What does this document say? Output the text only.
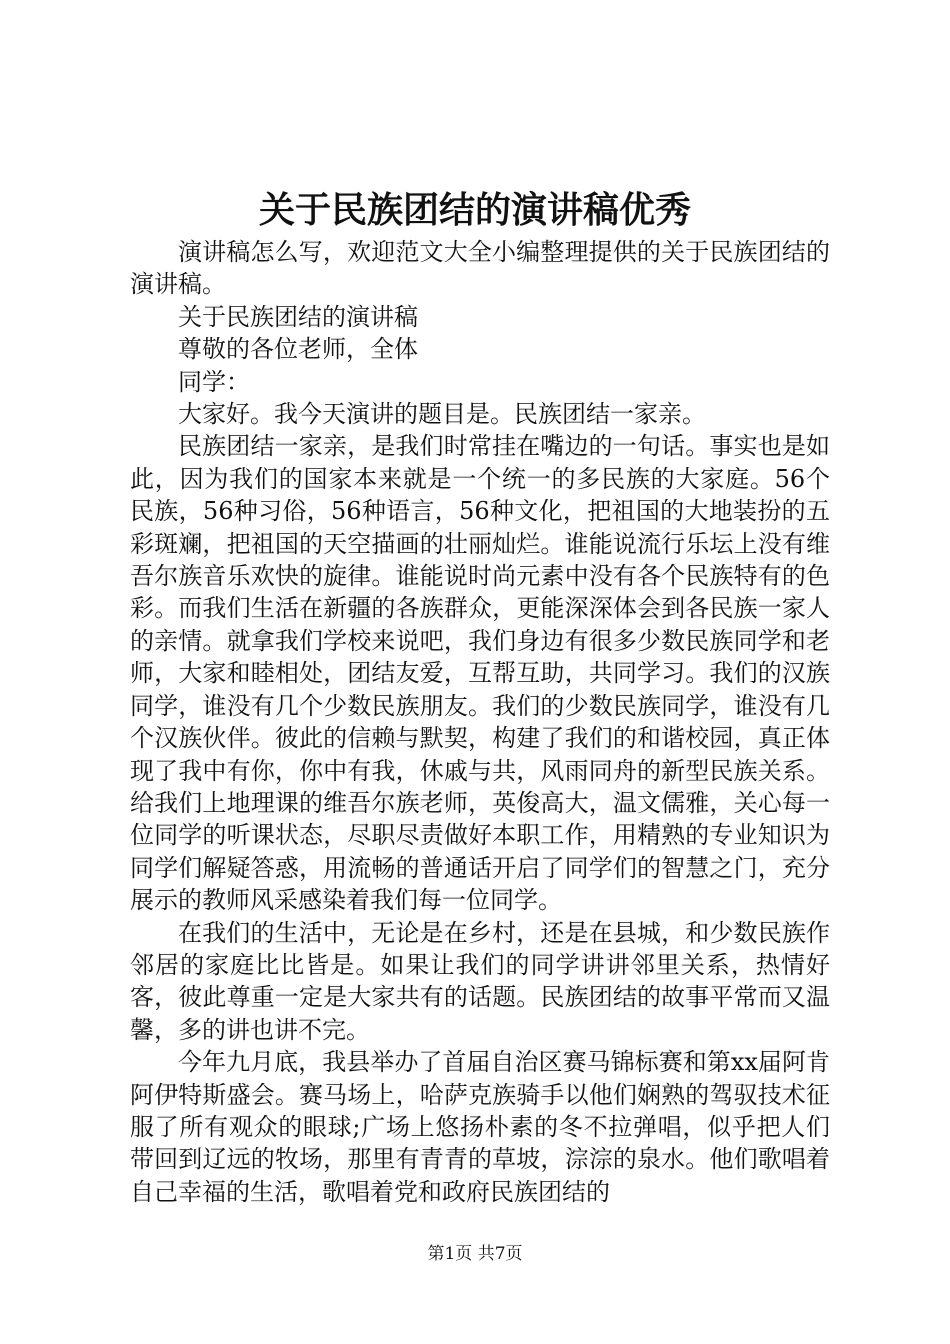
关于民族团结的演讲稿优秀

演讲稿怎么写，欢迎范文大全小编整理提供的关于民族团结的演讲稿。

关于民族团结的演讲稿

尊敬的各位老师，全体

同学：

大家好。我今天演讲的题目是。民族团结一家亲。

民族团结一家亲，是我们时常挂在嘴边的一句话。事实也是如此，因为我们的国家本来就是一个统一的多民族的大家庭。56个民族，56种习俗，56种语言，56种文化，把祖国的大地装扮的五彩斑斓，把祖国的天空描画的壮丽灿烂。谁能说流行乐坛上没有维吾尔族音乐欢快的旋律。谁能说时尚元素中没有各个民族特有的色彩。而我们生活在新疆的各族群众，更能深深体会到各民族一家人的亲情。就拿我们学校来说吧，我们身边有很多少数民族同学和老师，大家和睦相处，团结友爱，互帮互助，共同学习。我们的汉族同学，谁没有几个少数民族朋友。我们的少数民族同学，谁没有几个汉族伙伴。彼此的信赖与默契，构建了我们的和谐校园，真正体现了我中有你，你中有我，休戚与共，风雨同舟的新型民族关系。给我们上地理课的维吾尔族老师，英俊高大，温文儒雅，关心每一位同学的听课状态，尽职尽责做好本职工作，用精熟的专业知识为同学们解疑答惑，用流畅的普通话开启了同学们的智慧之门，充分展示的教师风采感染着我们每一位同学。

在我们的生活中，无论是在乡村，还是在县城，和少数民族作邻居的家庭比比皆是。如果让我们的同学讲讲邻里关系，热情好客，彼此尊重一定是大家共有的话题。民族团结的故事平常而又温馨，多的讲也讲不完。

今年九月底，我县举办了首届自治区赛马锦标赛和第xx届阿肯阿伊特斯盛会。赛马场上，哈萨克族骑手以他们娴熟的驾驭技术征服了所有观众的眼球;广场上悠扬朴素的冬不拉弹唱，似乎把人们带回到辽远的牧场，那里有青青的草坡，淙淙的泉水。他们歌唱着自己幸福的生活，歌唱着党和政府民族团结的

第1页 共7页
